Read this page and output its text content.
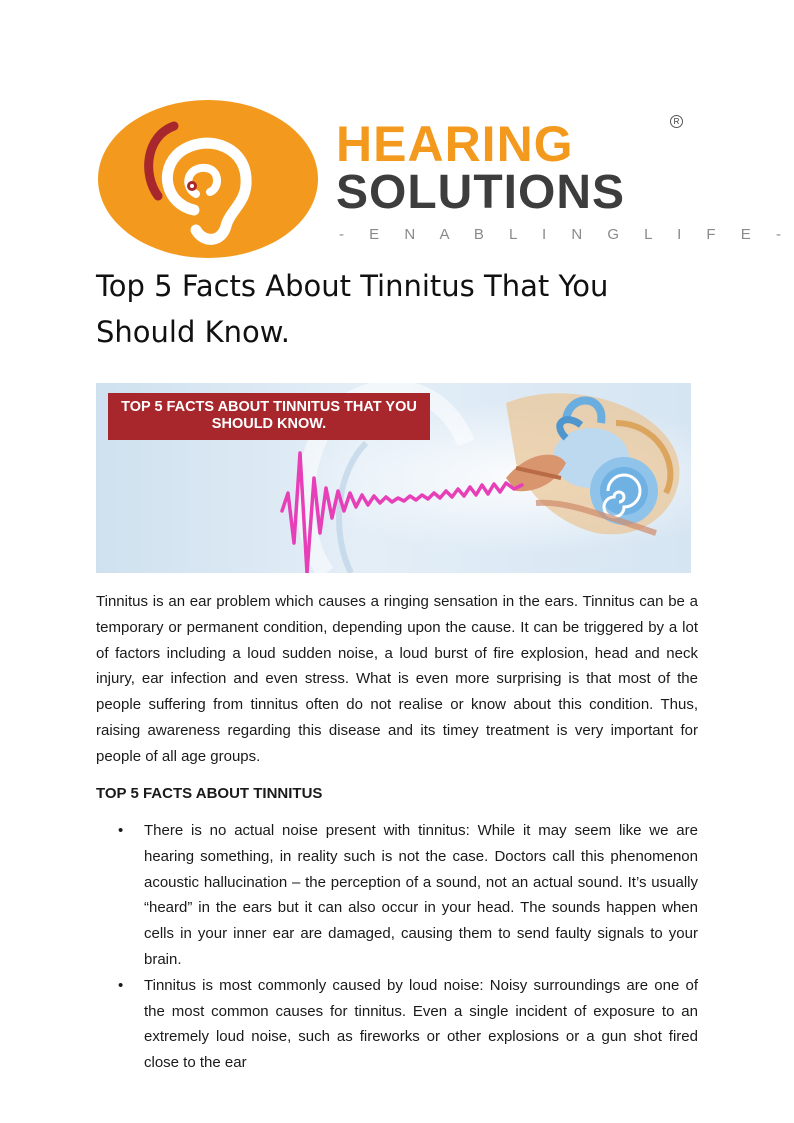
HEARING	R
SOLUTIONS
- E N A B L I N G L I F E -
Top 5 Facts About Tinnitus That You Should Know.
TOP 5 FACTS ABOUT TINNITUS THAT YOU SHOULD KNOW.

Tinnitus is an ear problem which causes a ringing sensation in the ears. Tinnitus can be a temporary or permanent condition, depending upon the cause. It can be triggered by a lot of factors including a loud sudden noise, a loud burst of fire explosion, head and neck injury, ear infection and even stress. What is even more surprising is that most of the people suffering from tinnitus often do not realise or know about this condition. Thus, raising awareness regarding this disease and its timey treatment is very important for people of all age groups.

TOP 5 FACTS ABOUT TINNITUS
• There is no actual noise present with tinnitus: While it may seem like we are hearing something, in reality such is not the case. Doctors call this phenomenon acoustic hallucination – the perception of a sound, not an actual sound. It’s usually “heard” in the ears but it can also occur in your head. The sounds happen when cells in your inner ear are damaged, causing them to send faulty signals to your brain.
• Tinnitus is most commonly caused by loud noise: Noisy surroundings are one of the most common causes for tinnitus. Even a single incident of exposure to an extremely loud noise, such as fireworks or other explosions or a gun shot fired close to the ear
